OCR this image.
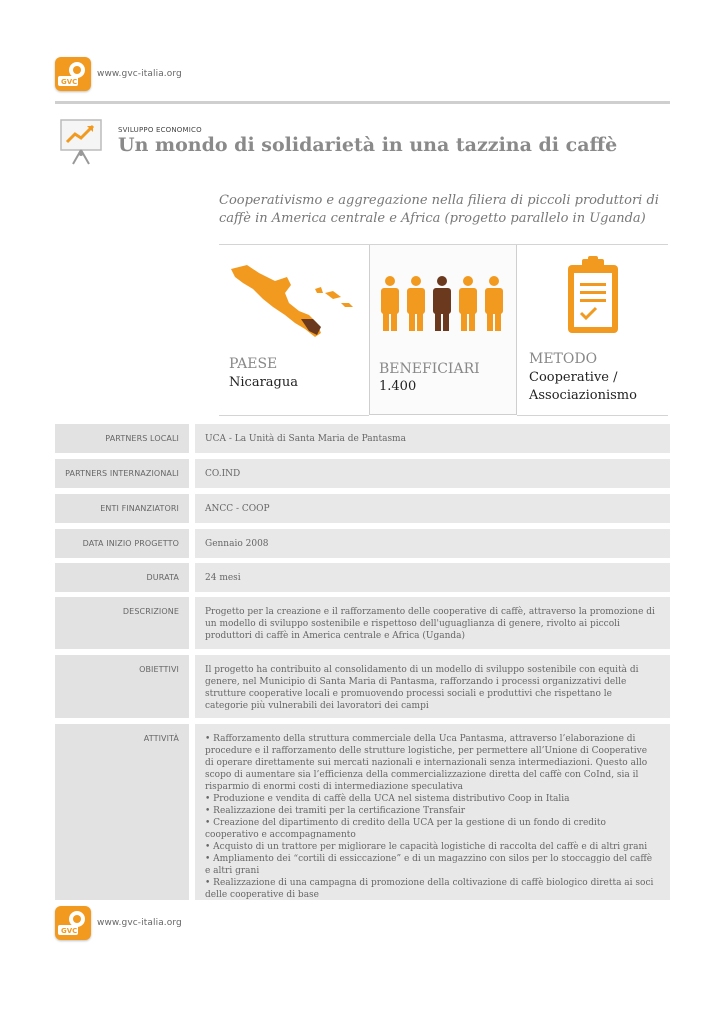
GVC
www.gvc-italia.org
SVILUPPO ECONOMICO
Un mondo di solidarietà in una tazzina di caffè
Cooperativismo e aggregazione nella filiera di piccoli produttori di caffè in America centrale e Africa (progetto parallelo in Uganda)
PAESE
Nicaragua
BENEFICIARI
1.400
METODO
Cooperative /
Associazionismo
PARTNERS LOCALI	UCA - La Unità di Santa Maria de Pantasma
PARTNERS INTERNAZIONALI	CO.IND
ENTI FINANZIATORI	ANCC - COOP
DATA INIZIO PROGETTO	Gennaio 2008
DURATA	24 mesi
DESCRIZIONE	Progetto per la creazione e il rafforzamento delle cooperative di caffè, attraverso la promozione di un modello di sviluppo sostenibile e rispettoso dell'uguaglianza di genere, rivolto ai piccoli produttori di caffè in America centrale e Africa (Uganda)
OBIETTIVI	Il progetto ha contribuito al consolidamento di un modello di sviluppo sostenibile con equità di genere, nel Municipio di Santa Maria di Pantasma, rafforzando i processi organizzativi delle strutture cooperative locali e promuovendo processi sociali e produttivi che rispettano le categorie più vulnerabili dei lavoratori dei campi
ATTIVITÀ	• Rafforzamento della struttura commerciale della Uca Pantasma, attraverso l’elaborazione di procedure e il rafforzamento delle strutture logistiche, per permettere all’Unione di Cooperative di operare direttamente sui mercati nazionali e internazionali senza intermediazioni. Questo allo scopo di aumentare sia l’efficienza della commercializzazione diretta del caffè con CoInd, sia il risparmio di enormi costi di intermediazione speculativa
• Produzione e vendita di caffè della UCA nel sistema distributivo Coop in Italia
• Realizzazione dei tramiti per la certificazione Transfair
• Creazione del dipartimento di credito della UCA per la gestione di un fondo di credito cooperativo e accompagnamento
• Acquisto di un trattore per migliorare le capacità logistiche di raccolta del caffè e di altri grani
• Ampliamento dei “cortili di essiccazione” e di un magazzino con silos per lo stoccaggio del caffè e altri grani
• Realizzazione di una campagna di promozione della coltivazione di caffè biologico diretta ai soci delle cooperative di base
GVC
www.gvc-italia.org
